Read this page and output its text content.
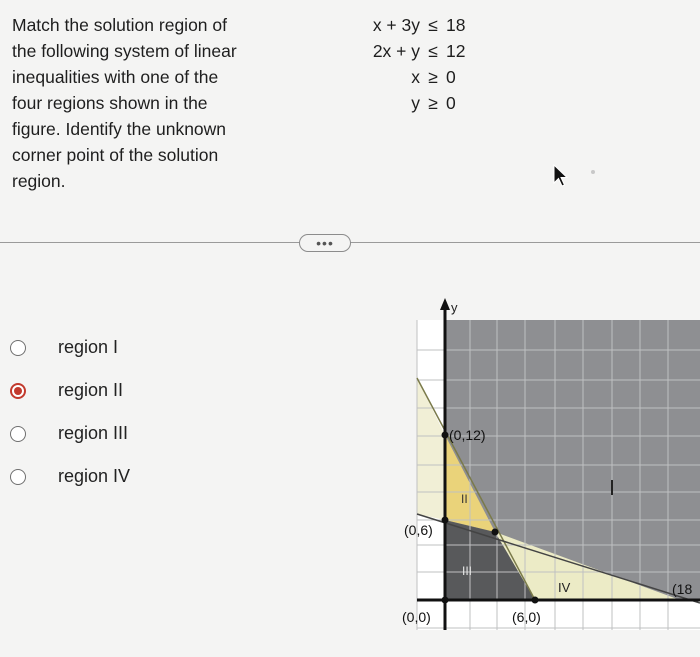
Match the solution region of
the following system of linear
inequalities with one of the
four regions shown in the
figure. Identify the unknown
corner point of the solution
region.
x + 3y ≤ 18
2x + y ≤ 12
x ≥ 0
y ≥ 0
•••
region I
region II
region III
region IV
y
(0,12)
(0,6)
(0,0)	(6,0)
(18
II
III
IV
